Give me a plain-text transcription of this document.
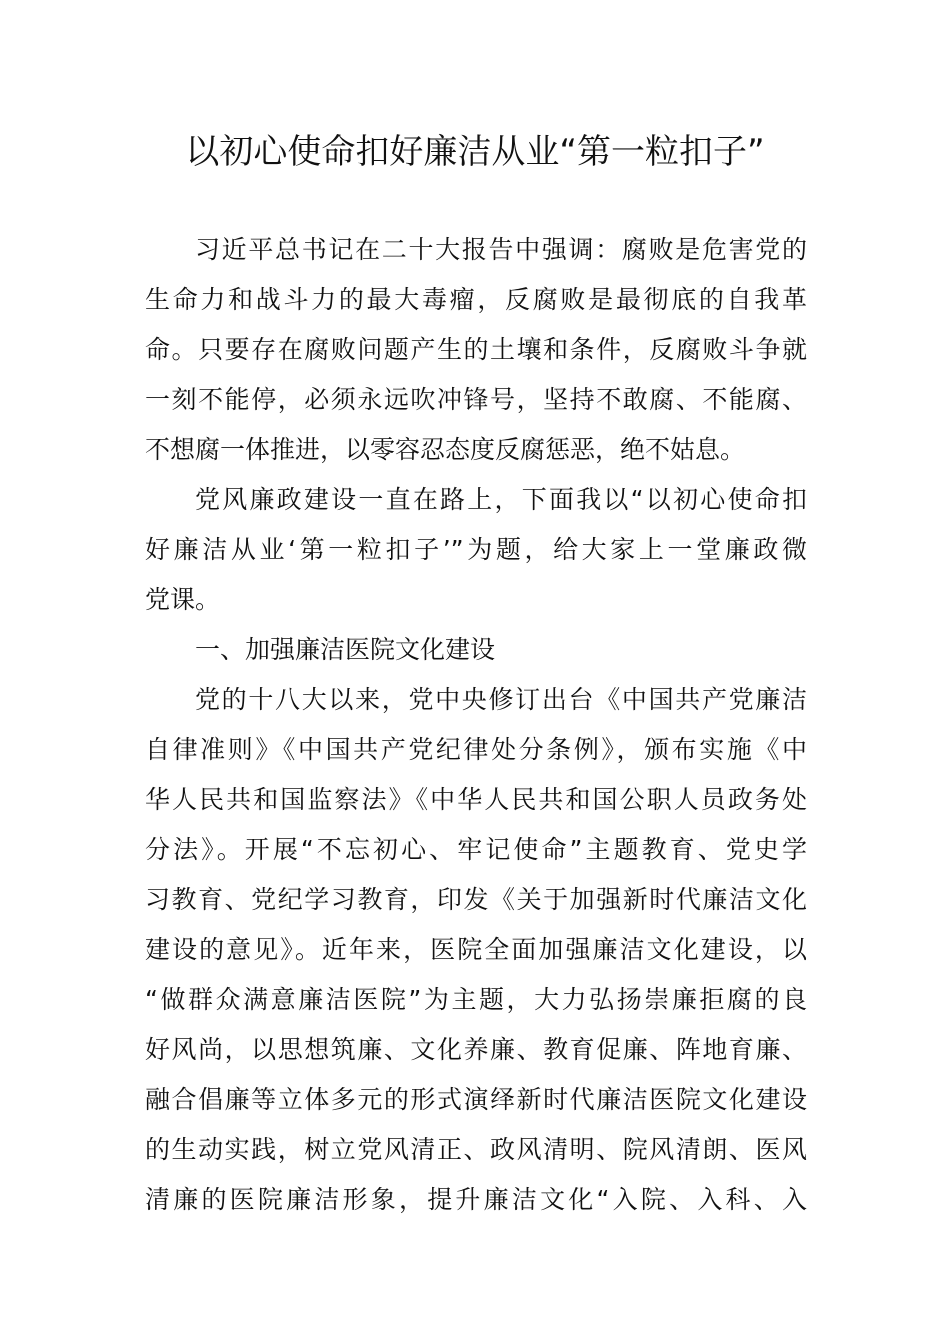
以初心使命扣好廉洁从业“第一粒扣子”
习近平总书记在二十大报告中强调：腐败是危害党的
生命力和战斗力的最大毒瘤，反腐败是最彻底的自我革
命。只要存在腐败问题产生的土壤和条件，反腐败斗争就
一刻不能停，必须永远吹冲锋号，坚持不敢腐、不能腐、
不想腐一体推进，以零容忍态度反腐惩恶，绝不姑息。
党风廉政建设一直在路上，下面我以“以初心使命扣
好廉洁从业‘第一粒扣子’”为题，给大家上一堂廉政微
党课。
一、加强廉洁医院文化建设
党的十八大以来，党中央修订出台《中国共产党廉洁
自律准则》《中国共产党纪律处分条例》，颁布实施《中
华人民共和国监察法》《中华人民共和国公职人员政务处
分法》。开展“不忘初心、牢记使命”主题教育、党史学
习教育、党纪学习教育，印发《关于加强新时代廉洁文化
建设的意见》。近年来，医院全面加强廉洁文化建设，以
“做群众满意廉洁医院”为主题，大力弘扬崇廉拒腐的良
好风尚，以思想筑廉、文化养廉、教育促廉、阵地育廉、
融合倡廉等立体多元的形式演绎新时代廉洁医院文化建设
的生动实践，树立党风清正、政风清明、院风清朗、医风
清廉的医院廉洁形象，提升廉洁文化“入院、入科、入
